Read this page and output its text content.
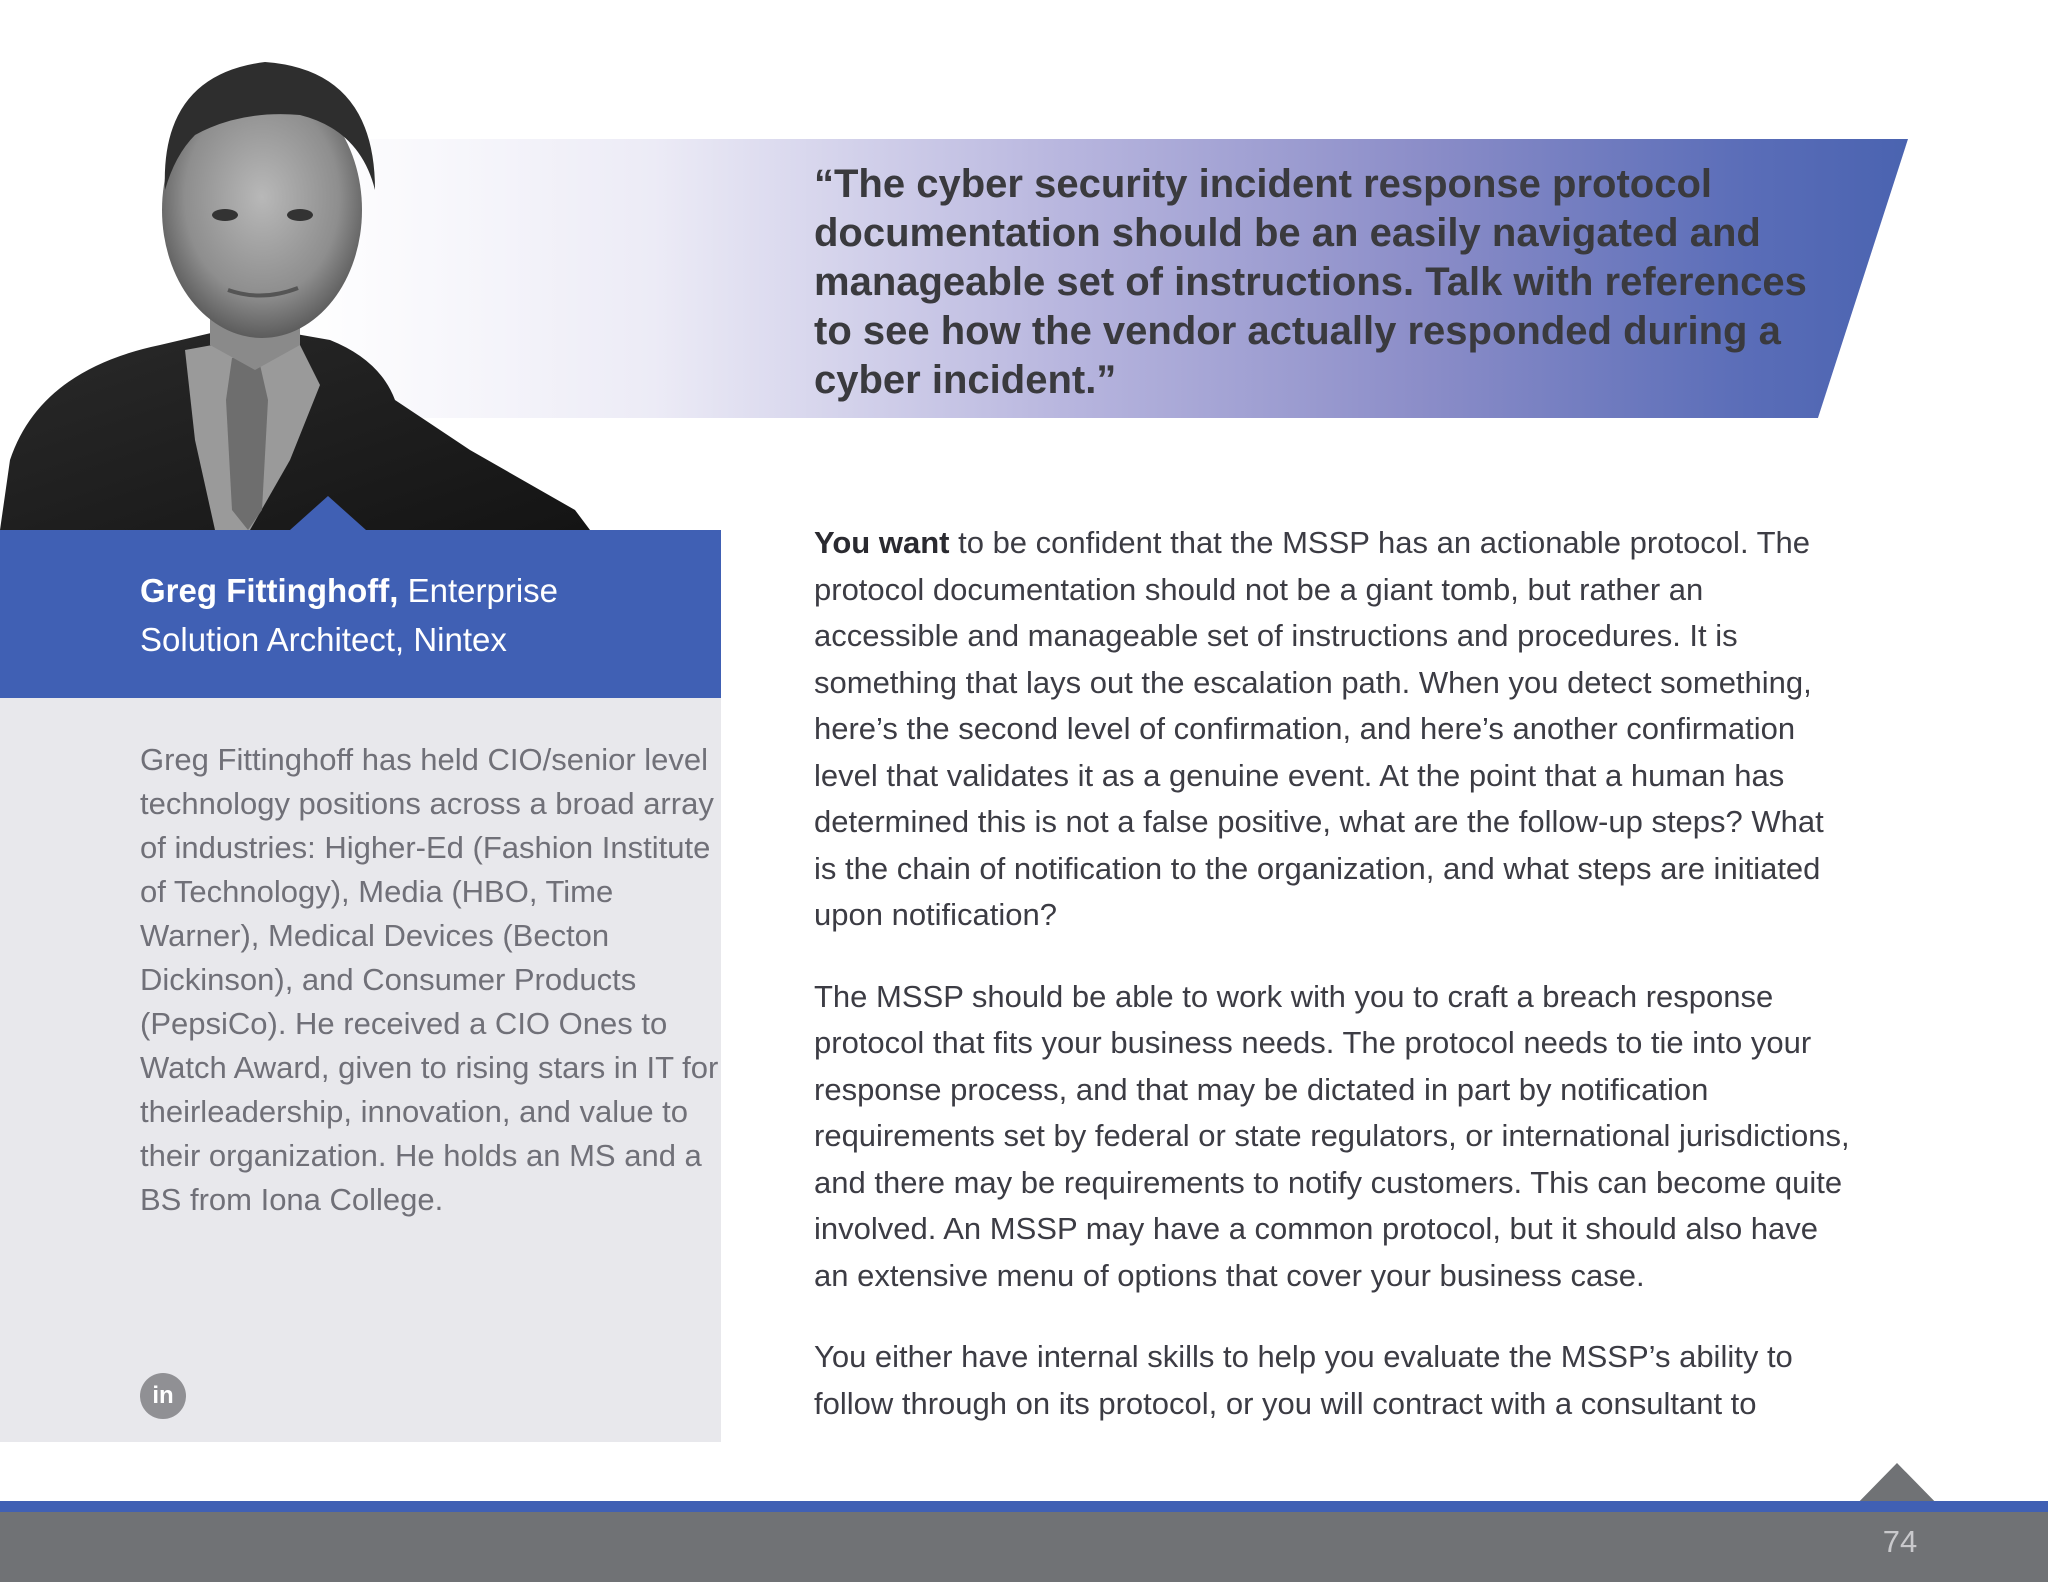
“The cyber security incident response protocol documentation should be an easily navigated and manageable set of instructions. Talk with references to see how the vendor actually responded during a cyber incident.”
Greg Fittinghoff, Enterprise Solution Architect, Nintex
Greg Fittinghoff has held CIO/senior level technology positions across a broad array of industries: Higher-Ed (Fashion Institute of Technology), Media (HBO, Time Warner), Medical Devices (Becton Dickinson), and Consumer Products (PepsiCo). He received a CIO Ones to Watch Award, given to rising stars in IT for theirleadership, innovation, and value to their organization. He holds an MS and a BS from Iona College.
in

You want to be confident that the MSSP has an actionable protocol. The protocol documentation should not be a giant tomb, but rather an accessible and manageable set of instructions and procedures. It is something that lays out the escalation path. When you detect something, here’s the second level of confirmation, and here’s another confirmation level that validates it as a genuine event. At the point that a human has determined this is not a false positive, what are the follow-up steps? What is the chain of notification to the organization, and what steps are initiated upon notification?

The MSSP should be able to work with you to craft a breach response protocol that fits your business needs. The protocol needs to tie into your response process, and that may be dictated in part by notification requirements set by federal or state regulators, or international jurisdictions, and there may be requirements to notify customers. This can become quite involved. An MSSP may have a common protocol, but it should also have an extensive menu of options that cover your business case.

You either have internal skills to help you evaluate the MSSP’s ability to follow through on its protocol, or you will contract with a consultant to

74
